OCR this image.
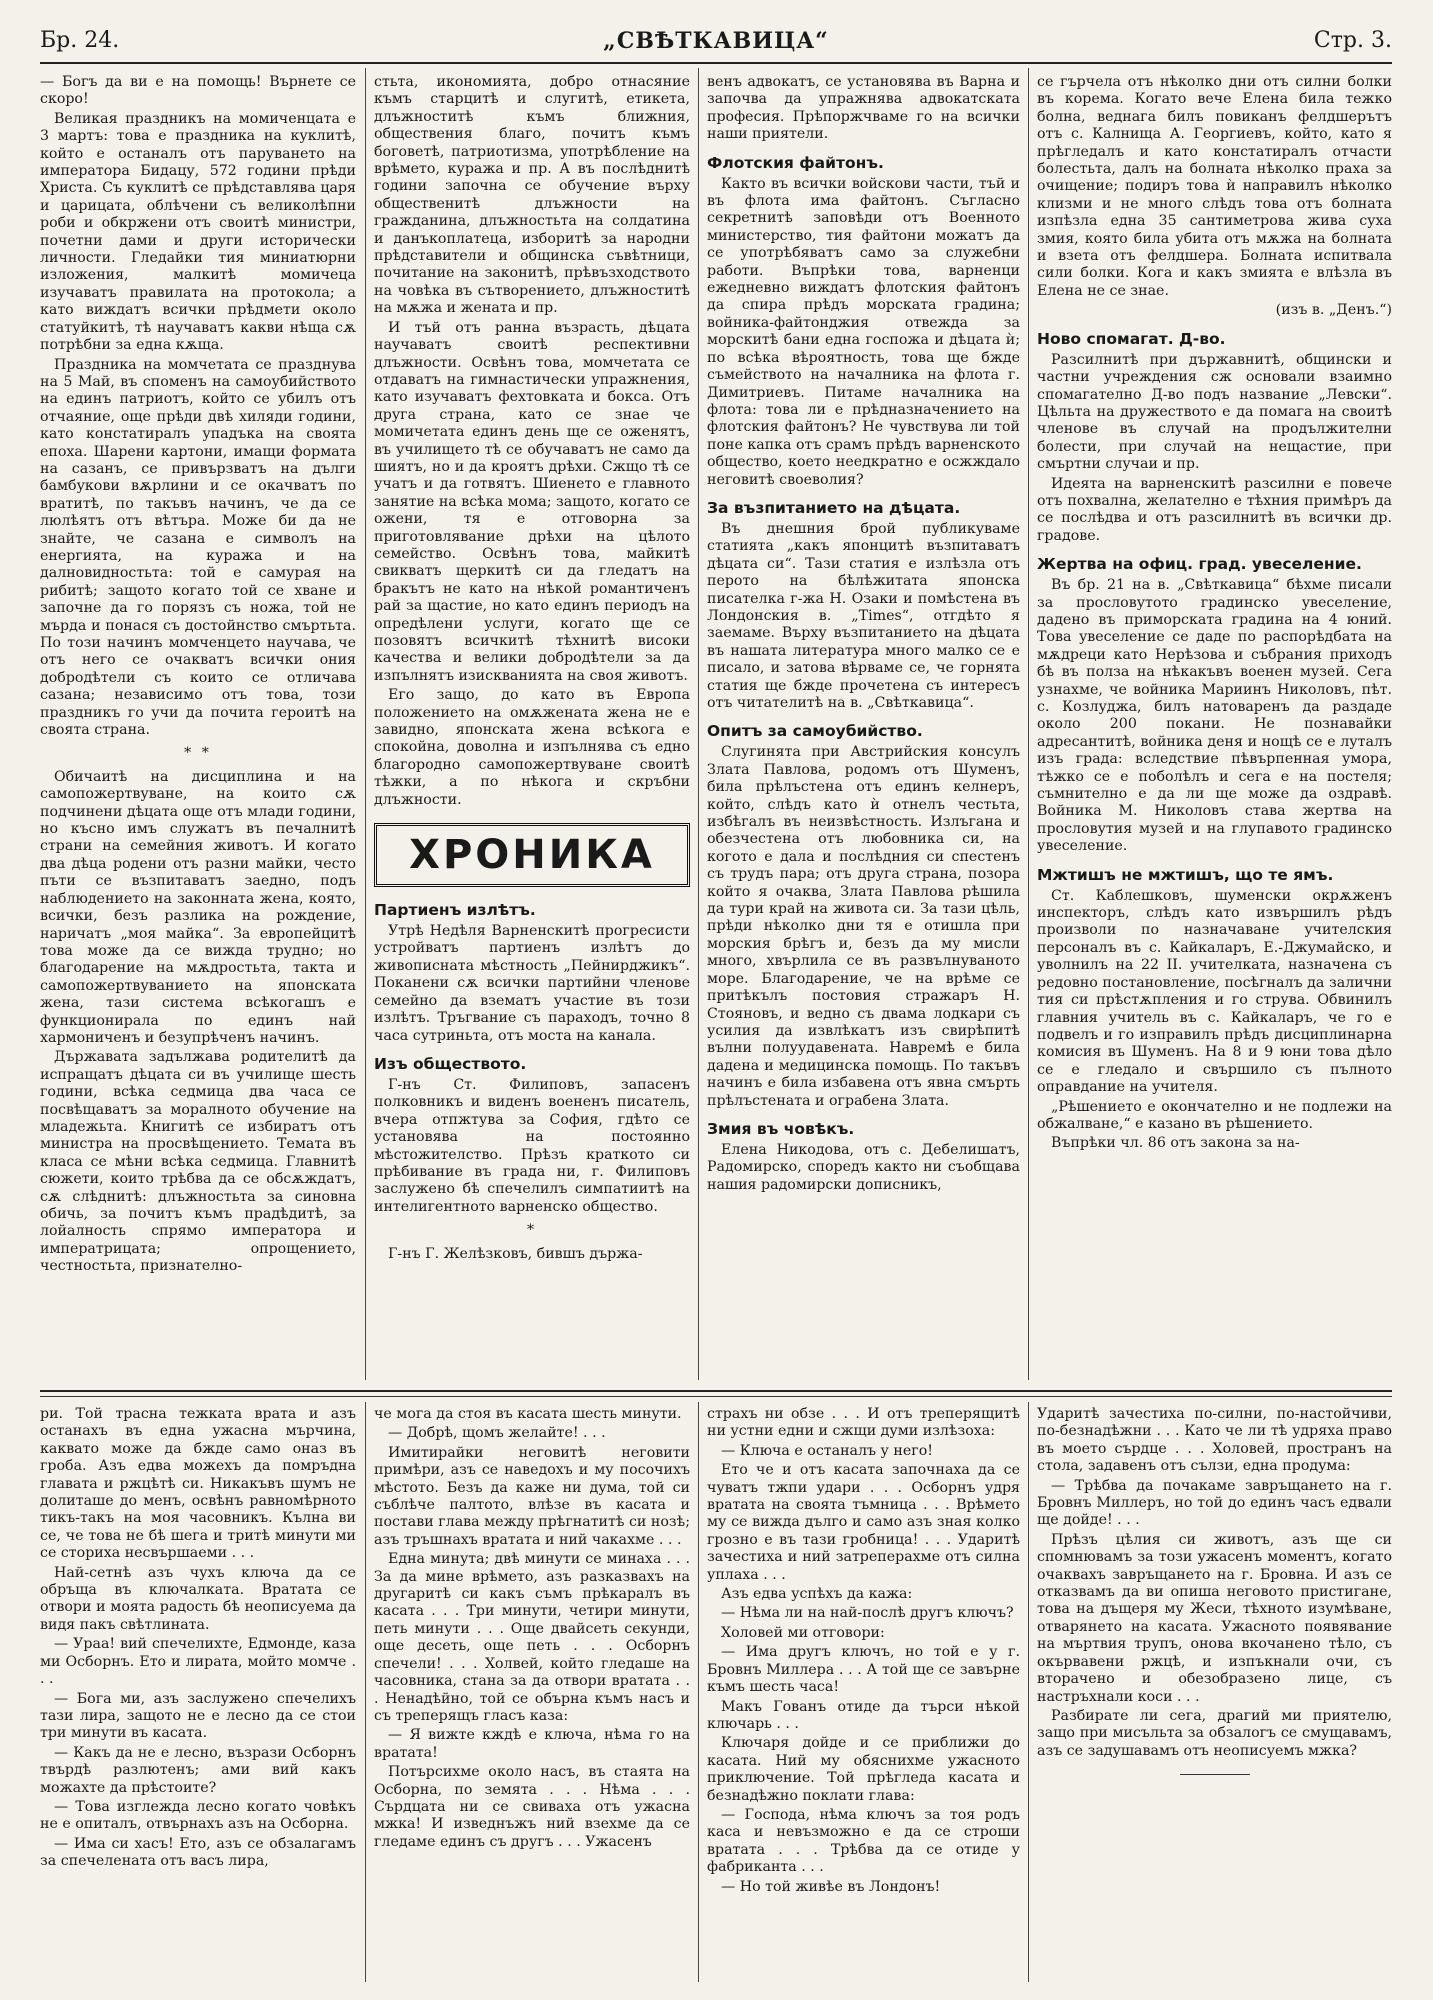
Бр. 24.	„СВѢТКАВИЦА“	Стр. 3.

— Богъ да ви е на помощь! Върнете се скоро!

Великая праздникъ на момиченцата е 3 мартъ: това е праздника на куклитѣ, който е останалъ отъ паруването на императора Бидацу, 572 години прѣди Христа. Съ куклитѣ се прѣдставлява царя и царицата, облѣчени съ великолѣпни роби и обкржени отъ своитѣ министри, почетни дами и други исторически личности. Гледайки тия миниатюрни изложения, малкитѣ момичеца изучаватъ правилата на протокола; а като виждатъ всички прѣдмети около статуйкитѣ, тѣ научаватъ какви нѣща сѫ потрѣбни за една кѫща.

Праздника на момчетата се празднува на 5 Май, въ споменъ на самоубийството на единъ патриотъ, който се убилъ отъ отчаяние, още прѣди двѣ хиляди години, като констатиралъ упадъка на своята епоха. Шарени картони, имащи формата на сазанъ, се привързватъ на дълги бамбукови вѫрлини и се окачватъ по вратитѣ, по такъвъ начинъ, че да се люлѣятъ отъ вѣтъра. Може би да не знайте, че сазана е символъ на енергията, на куража и на далновидностьта: той е самурая на рибитѣ; защото когато той се хване и започне да го порязъ съ ножа, той не мърда и понася съ достойнство смъртьта. По този начинъ момченцето научава, че отъ него се очакватъ всички ония добродѣтели съ които се отличава сазана; независимо отъ това, този праздникъ го учи да почита героитѣ на своята страна.

* *

Обичаитѣ на дисциплина и на самопожертвуване, на които сѫ подчинени дѣцата още отъ млади години, но късно имъ служатъ въ печалнитѣ страни на семейния животъ. И когато два дѣца родени отъ разни майки, често пъти се възпитаватъ заедно, подъ наблюдението на законната жена, която, всички, безъ разлика на рождение, наричатъ „моя майка“. За европейцитѣ това може да се вижда трудно; но благодарение на мѫдростьта, такта и самопожертвуванието на японската жена, тази система всѣкогашъ е функционирала по единъ най хармониченъ и безупрѣченъ начинъ.

Държавата задължава родителитѣ да испращатъ дѣцата си въ училище шесть години, всѣка седмица два часа се посвѣщаватъ за моралното обучение на младежьта. Книгитѣ се избиратъ отъ министра на просвѣщението. Темата въ класа се мѣни всѣка седмица. Главнитѣ сюжети, които трѣбва да се обсѫждатъ, сѫ слѣднитѣ: длъжностьта за синовна обичь, за почитъ къмъ прадѣдитѣ, за лойалность спрямо императора и императрицата; опрощението, честностьта, признателно-

стьта, икономията, добро отнасяние къмъ старцитѣ и слугитѣ, етикета, длъжноститѣ къмъ ближния, обществения благо, почитъ къмъ боговетѣ, патриотизма, употрѣбление на врѣмето, куража и пр. А въ послѣднитѣ години започна се обучение върху общественитѣ длъжности на гражданина, длъжностьта на солдатина и данъкоплатеца, изборитѣ за народни прѣдставители и общинска съвѣтници, почитание на законитѣ, прѣвъзходството на човѣка въ сътворението, длъжноститѣ на мѫжа и жената и пр.

И тъй отъ ранна възрасть, дѣцата научаватъ своитѣ респективни длъжности. Освѣнъ това, момчетата се отдаватъ на гимнастически упражнения, като изучаватъ фехтовката и бокса. Отъ друга страна, като се знае че момичетата единъ день ще се оженятъ, въ училището тѣ се обучаватъ не само да шиятъ, но и да кроятъ дрѣхи. Сжщо тѣ се учатъ и да готвятъ. Шиенето е главното занятие на всѣка мома; защото, когато се ожени, тя е отговорна за приготовлявание дрѣхи на цѣлото семейство. Освѣнъ това, майкитѣ свикватъ щеркитѣ си да гледатъ на бракътъ не като на нѣкой романтиченъ рай за щастие, но като единъ периодъ на опредѣлени услуги, когато ще се позовятъ всичкитѣ тѣхнитѣ високи качества и велики добродѣтели за да изпълнятъ изискванията на своя животъ.

Его защо, до като въ Европа положението на омѫжената жена не е завидно, японската жена всѣкога е спокойна, доволна и изпълнява съ едно благородно самопожертвуване своитѣ тѣжки, а по нѣкога и скръбни длъжности.

ХРОНИКА
Партиенъ излѣтъ.

Утрѣ Недѣля Варненскитѣ прогресисти устройватъ партиенъ излѣтъ до живописната мѣстность „Пейнирджикъ“. Поканени сѫ всички партийни членове семейно да взематъ участие въ този излѣтъ. Тръгвание съ параходъ, точно 8 часа сутриньта, отъ моста на канала.

Изъ обществото.

Г-нъ Ст. Филиповъ, запасенъ полковникъ и виденъ воененъ писатель, вчера отпжтува за София, гдѣто се установява на постоянно мѣстожителство. Прѣзъ краткото си прѣбивание въ града ни, г. Филиповъ заслужено бѣ спечелилъ симпатиитѣ на интелигентното варненско общество.

*

Г-нъ Г. Желѣзковъ, бившъ държа-

венъ адвокатъ, се установява въ Варна и започва да упражнява адвокатската професия. Прѣпоржчваме го на всички наши приятели.

Флотския файтонъ.

Както въ всички войскови части, тъй и въ флота има файтонъ. Съгласно секретнитѣ заповѣди отъ Военното министерство, тия файтони можатъ да се употрѣбяватъ само за служебни работи. Въпрѣки това, варненци ежедневно виждатъ флотския файтонъ да спира прѣдъ морската градина; войника-файтонджия отвежда за морскитѣ бани една госпожа и дѣцата ѝ; по всѣка вѣроятность, това ще бжде съмейството на началника на флота г. Димитриевъ. Питаме началника на флота: това ли е прѣдназначението на флотския файтонъ? Не чувствува ли той поне капка отъ срамъ прѣдъ варненското общество, което неедкратно е осжждало неговитѣ своеволия?

За възпитанието на дѣцата.

Въ днешния брой публикуваме статията „какъ японцитѣ възпитаватъ дѣцата си“. Тази статия е излѣзла отъ перото на бѣлѣжитата японска писателка г-жа Н. Озаки и помѣстена въ Лондонския в. „Times“, отгдѣто я заемаме. Върху възпитанието на дѣцата въ нашата литература много малко се е писало, и затова вѣрваме се, че горнята статия ще бжде прочетена съ интересъ отъ читателитѣ на в. „Свѣткавица“.

Опитъ за самоубийство.

Слугинята при Австрийския консулъ Злата Павлова, родомъ отъ Шуменъ, била прѣлъстена отъ единъ келнеръ, който, слѣдъ като ѝ отнелъ честьта, избѣгалъ въ неизвѣстность. Излъгана и обезчестена отъ любовника си, на когото е дала и послѣдния си спестенъ съ трудъ пара; отъ друга страна, позора който я очаква, Злата Павлова рѣшила да тури край на живота си. За тази цѣль, прѣди нѣколко дни тя е отишла при морския брѣгъ и, безъ да му мисли много, хвърлила се въ развълнуваното море. Благодарение, че на врѣме се притѣкълъ постовия стражаръ Н. Стояновъ, и ведно съ двама лодкари съ усилия да извлѣкатъ изъ свирѣпитѣ вълни полуудавената. Навремѣ е била дадена и медицинска помощь. По такъвъ начинъ е била избавена отъ явна смърть прѣлъстената и ограбена Злата.

Змия въ човѣкъ.

Елена Никодова, отъ с. Дебелишатъ, Радомирско, споредъ както ни съобщава нашия радомирски дописникъ,

се гърчела отъ нѣколко дни отъ силни болки въ корема. Когато вече Елена била тежко болна, веднага билъ повиканъ фелдшерътъ отъ с. Калнища А. Георгиевъ, който, като я прѣгледалъ и като констатиралъ отчасти болестьта, далъ на болната нѣколко праха за очищение; подиръ това ѝ направилъ нѣколко клизми и не много слѣдъ това отъ болната изпѣзла една 35 сантиметрова жива суха змия, която била убита отъ мѫжа на болната и взета отъ фелдшера. Болната испитвала сили болки. Кога и какъ змията е влѣзла въ Елена не се знае.

(изъ в. „Денъ.“)

Ново спомагат. Д-во.

Разсилнитѣ при държавнитѣ, общински и частни учреждения сж основали взаимно спомагателно Д-во подъ название „Левски“. Цѣльта на дружеството е да помага на своитѣ членове въ случай на продължителни болести, при случай на нещастие, при смъртни случаи и пр.

Идеята на варненскитѣ разсилни е повече отъ похвална, желателно е тѣхния примѣръ да се послѣдва и отъ разсилнитѣ въ всички др. градове.

Жертва на офиц. град. увеселение.

Въ бр. 21 на в. „Свѣткавица“ бѣхме писали за прословутото градинско увеселение, дадено въ приморската градина на 4 юний. Това увеселение се даде по распорѣдбата на мѫдреци като Нерѣзова и събрания приходъ бѣ въ полза на нѣкакъвъ военен музей. Сега узнахме, че войника Мариинъ Николовъ, пѣт. с. Козлуджа, билъ натоваренъ да раздаде около 200 покани. Не познавайки адресантитѣ, войника деня и нощѣ се е луталъ изъ града: вследствие пѣвърпенная умора, тѣжко се е поболѣлъ и сега е на постеля; съмнително е да ли ще може да оздравѣ. Войника М. Николовъ става жертва на прословутия музей и на глупавото градинско увеселение.

Мжтишъ не мжтишъ, що те ямъ.

Ст. Каблешковъ, шуменски окрѫженъ инспекторъ, слѣдъ като извършилъ рѣдъ произволи по назначаване учителския персоналъ въ с. Кайкаларъ, Е.-Джумайско, и уволнилъ на 22 II. учителката, назначена съ редовно постановление, посѣгналъ да залични тия си прѣстѫпления и го струва. Обвинилъ главния учитель въ с. Кайкаларъ, че го е подвелъ и го изправилъ прѣдъ дисциплинарна комисия въ Шуменъ. На 8 и 9 юни това дѣло се е гледало и свършило съ пълното оправдание на учителя.

„Рѣшението е окончателно и не подлежи на обжалване,“ е казано въ рѣшението.

Въпрѣки чл. 86 отъ закона за на-

ри. Той трасна тежката врата и азъ останахъ въ една ужасна мърчина, каквато може да бжде само оназ въ гроба. Азъ едва можехъ да помръдна главата и ржцѣтѣ си. Никакъвъ шумъ не долиташе до менъ, освѣнъ равномѣрното тикъ-такъ на моя часовникъ. Кълна ви се, че това не бѣ шега и тритѣ минути ми се сториха несвършаеми . . .

Най-сетнѣ азъ чухъ ключа да се обръща въ ключалката. Вратата се отвори и моята радость бѣ неописуема да видя пакъ свѣтлината.

— Ураа! вий спечелихте, Едмонде, каза ми Осборнъ. Ето и лирата, мойто момче . . .

— Бога ми, азъ заслужено спечелихъ тази лира, защото не е лесно да се стои три минути въ касата.

— Какъ да не е лесно, възрази Осборнъ твърдѣ разлютенъ; ами вий какъ можахте да прѣстоите?

— Това изглежда лесно когато човѣкъ не е опиталъ, отвърнахъ азъ на Осборна.

— Има си хасъ! Ето, азъ се обзалагамъ за спечелената отъ васъ лира,

че мога да стоя въ касата шесть минути.

— Добрѣ, щомъ желайте! . . .

Имитирайки неговитѣ неговити примѣри, азъ се наведохъ и му посочихъ мѣстото. Безъ да каже ни дума, той си съблѣче палтото, влѣзе въ касата и постави глава между прѣгнатитѣ си нозѣ; азъ тръшнахъ вратата и ний чакахме . . .

Една минута; двѣ минути се минаха . . . За да мине врѣмето, азъ разказвахъ на другаритѣ си какъ съмъ прѣкаралъ въ касата . . . Три минути, четири минути, петь минути . . . Още двайсеть секунди, още десеть, още петь . . . Осборнъ спечели! . . . Холвей, който гледаше на часовника, стана за да отвори вратата . . . Ненадѣйно, той се обърна къмъ насъ и съ треперящъ гласъ каза:

— Я вижте кждѣ е ключа, нѣма го на вратата!

Потърсихме около насъ, въ стаята на Осборна, по земята . . . Нѣма . . . Сърдцата ни се свиваха отъ ужасна мжка! И изведнъжъ ний взехме да се гледаме единъ съ другъ . . . Ужасенъ

страхъ ни обзе . . . И отъ треперящитѣ ни устни едни и сжщи думи излѣзоха:

— Ключа е останалъ у него!

Ето че и отъ касата започнаха да се чуватъ тжпи удари . . . Осборнъ удря вратата на своята тъмница . . . Врѣмето му се вижда дълго и само азъ зная колко грозно е въ тази гробница! . . . Ударитѣ зачестиха и ний затреперахме отъ силна уплаха . . .

Азъ едва успѣхъ да кажа:

— Нѣма ли на най-послѣ другъ ключъ?

Холовей ми отговори:

— Има другъ ключъ, но той е у г. Бровнъ Миллера . . . А той ще се завърне къмъ шесть часа!

Макъ Гованъ отиде да търси нѣкой ключарь . . .

Ключаря дойде и се приближи до касата. Ний му обяснихме ужасното приключение. Той прѣгледа касата и безнадѣжно поклати глава:

— Господа, нѣма ключъ за тоя родъ каса и невъзможно е да се строши вратата . . . Трѣбва да се отиде у фабриканта . . .

— Но той живѣе въ Лондонъ!

Ударитѣ зачестиха по-силни, по-настойчиви, по-безнадѣжни . . . Като че ли тѣ удряха право въ моето сърдце . . . Холовей, пространъ на стола, задавенъ отъ сълзи, една продума:

— Трѣбва да почакаме завръщането на г. Бровнъ Миллеръ, но той до единъ часъ едвали ще дойде! . . .

Прѣзъ цѣлия си животъ, азъ ще си спомнювамъ за този ужасенъ моментъ, когато очаквахъ завръщането на г. Бровна. И азъ се отказвамъ да ви опиша неговото пристигане, това на дъщеря му Жеси, тѣхното изумѣване, отварянето на касата. Ужасното появявание на мъртвия трупъ, онова вкочанено тѣло, съ окървавени ржцѣ, и изпъкнали очи, съ вторачено и обезобразено лице, съ настръхнали коси . . .

Разбирате ли сега, драгий ми приятелю, защо при мисъльта за обзалогъ се смущавамъ, азъ се задушавамъ отъ неописуемъ мжка?
